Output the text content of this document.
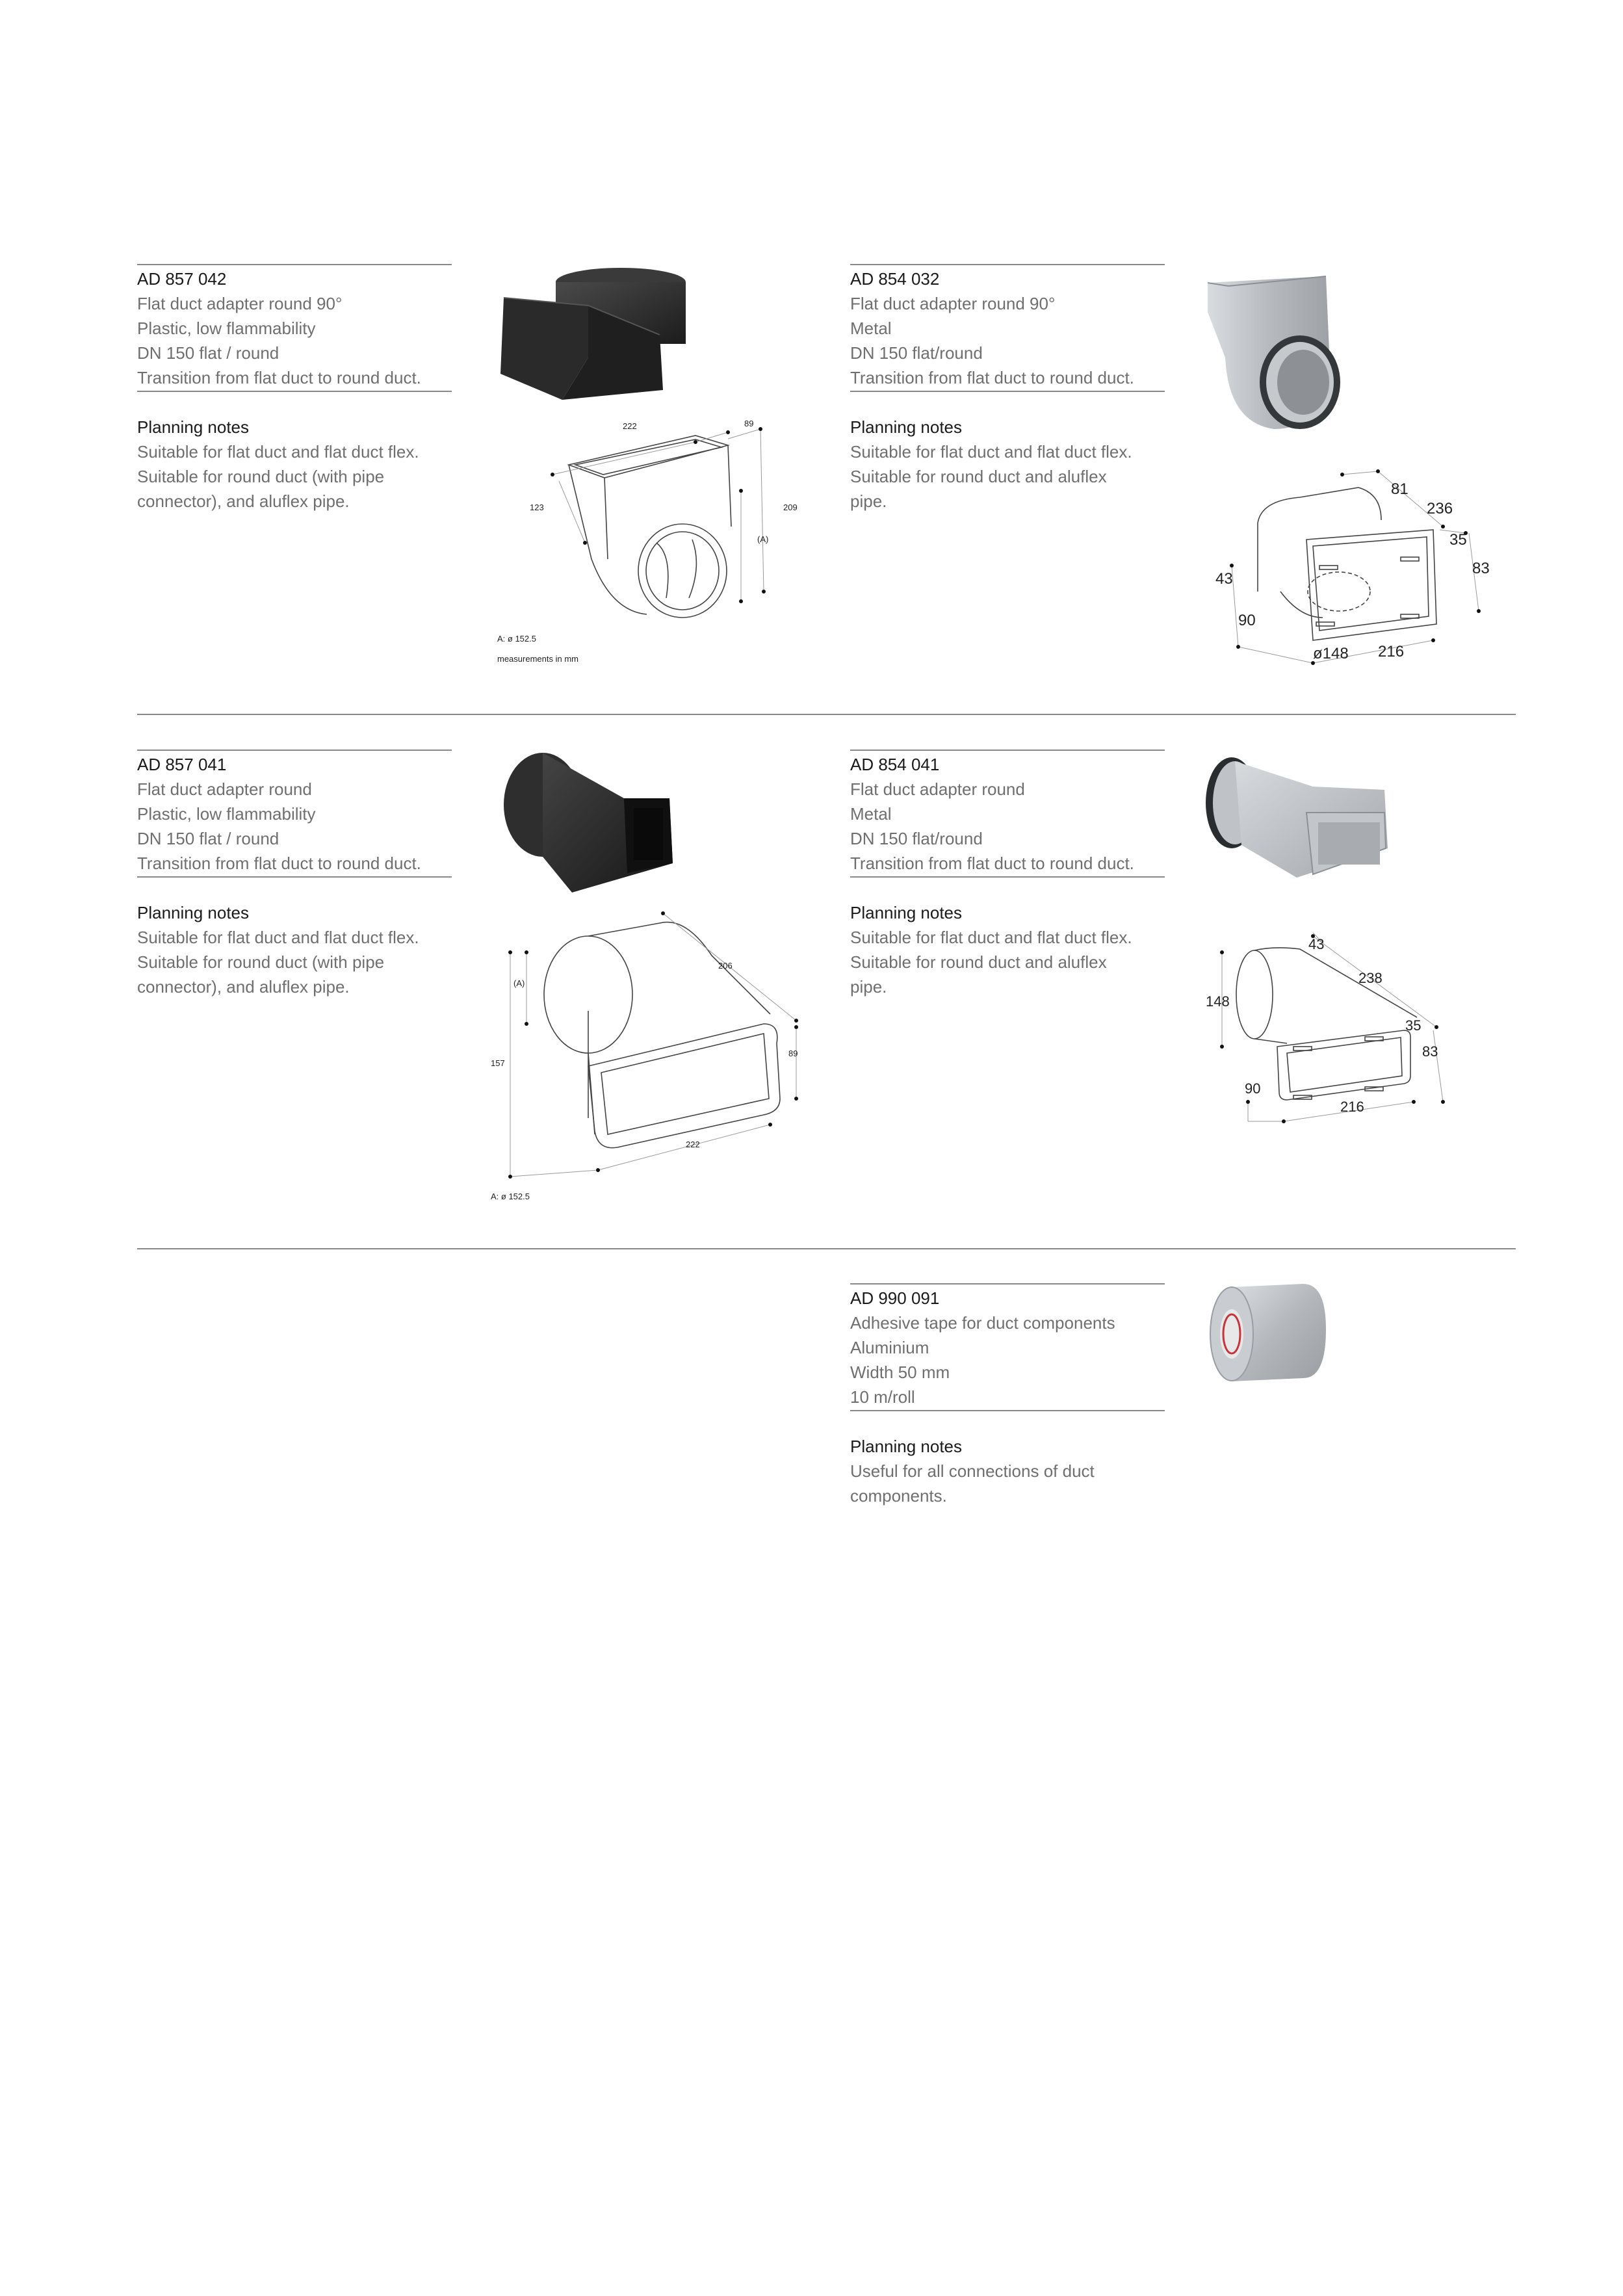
AD 857 042
Flat duct adapter round 90°
Plastic, low flammability
DN 150 flat / round
Transition from flat duct to round duct.
Planning notes
Suitable for flat duct and flat duct flex.
Suitable for round duct (with pipe
connector), and aluflex pipe.
222	89
123	209
(A)
A: ø 152.5
measurements in mm
AD 854 032
Flat duct adapter round 90°
Metal
DN 150 flat/round
Transition from flat duct to round duct.
Planning notes
Suitable for flat duct and flat duct flex.
Suitable for round duct and aluflex
pipe.
81
236
35
83
43
90
ø148 216
AD 857 041
Flat duct adapter round
Plastic, low flammability
DN 150 flat / round
Transition from flat duct to round duct.
Planning notes
Suitable for flat duct and flat duct flex.
Suitable for round duct (with pipe
connector), and aluflex pipe.	(A)
206
157
89
222
A: ø 152.5
AD 854 041
Flat duct adapter round
Metal
DN 150 flat/round
Transition from flat duct to round duct.
Planning notes
Suitable for flat duct and flat duct flex.
Suitable for round duct and aluflex
pipe.
43
238
148
35
83
90
216
AD 990 091
Adhesive tape for duct components
Aluminium
Width 50 mm
10 m/roll
Planning notes
Useful for all connections of duct
components.
